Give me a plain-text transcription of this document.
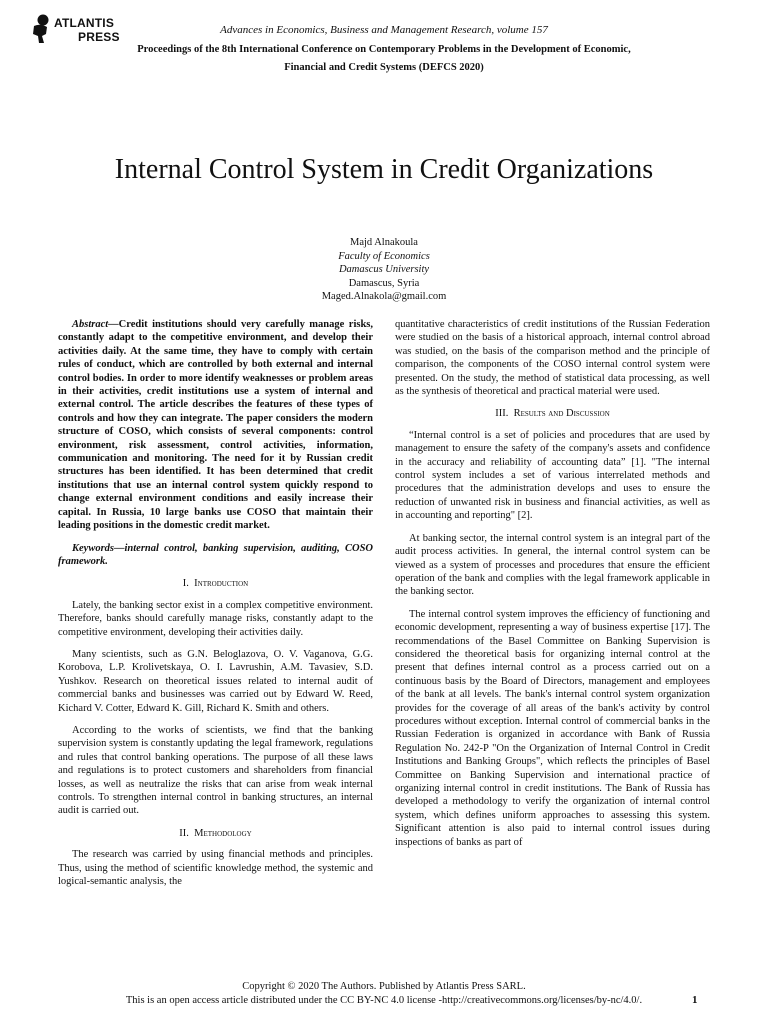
ATLANTIS
PRESS	Advances in Economics, Business and Management Research, volume 157
Proceedings of the 8th International Conference on Contemporary Problems in the Development of Economic,
Financial and Credit Systems (DEFCS 2020)
Internal Control System in Credit Organizations
Majd Alnakoula
Faculty of Economics
Damascus University
Damascus, Syria
Maged.Alnakola@gmail.com

Abstract—Credit institutions should very carefully manage risks, constantly adapt to the competitive environment, and develop their activities daily. At the same time, they have to comply with certain rules of conduct, which are controlled by both external and internal control bodies. In order to more identify weaknesses or problem areas in their activities, credit institutions use a system of internal and external control. The article describes the features of these types of controls and how they can integrate. The paper considers the modern structure of COSO, which consists of several components: control environment, risk assessment, control activities, information, communication and monitoring. The need for it by Russian credit structures has been identified. It has been determined that credit institutions that use an internal control system quickly respond to change external environment conditions and easily increase their capital. In Russia, 10 large banks use COSO that maintain their leading positions in the domestic credit market.

Keywords—internal control, banking supervision, auditing, COSO framework.

I. Introduction

Lately, the banking sector exist in a complex competitive environment. Therefore, banks should carefully manage risks, constantly adapt to the competitive environment, developing their activities daily.

Many scientists, such as G.N. Beloglazova, O. V. Vaganova, G.G. Korobova, L.P. Krolivetskaya, O. I. Lavrushin, A.M. Tavasiev, S.D. Yushkov. Research on theoretical issues related to internal audit of commercial banks and businesses was carried out by Edward W. Reed, Kichard V. Cotter, Edward K. Gill, Richard K. Smith and others.

According to the works of scientists, we find that the banking supervision system is constantly updating the legal framework, regulations and rules that control banking operations. The purpose of all these laws and regulations is to protect customers and shareholders from financial losses, as well as neutralize the risks that can arise from weak internal controls. To strengthen internal control in banking structures, an internal audit is carried out.

II. Methodology

The research was carried by using financial methods and principles. Thus, using the method of scientific knowledge method, the systemic and logical-semantic analysis, the

quantitative characteristics of credit institutions of the Russian Federation were studied on the basis of a historical approach, internal control abroad was studied, on the basis of the comparison method and the principle of comparison, the components of the COSO internal control system were presented. On the study, the method of statistical data processing, as well as the synthesis of theoretical and practical material were used.

III. Results and Discussion

“Internal control is a set of policies and procedures that are used by management to ensure the safety of the company's assets and confidence in the accuracy and reliability of accounting data” [1]. "The internal control system includes a set of various interrelated methods and procedures that the administration develops and uses to ensure the reduction of unwanted risk in business and financial activities, as well as in accounting and reporting" [2].

At banking sector, the internal control system is an integral part of the audit process activities. In general, the internal control system can be viewed as a system of processes and procedures that ensure the efficient operation of the bank and complies with the legal framework applicable in the banking sector.

The internal control system improves the efficiency of functioning and economic development, representing a way of business expertise [17]. The recommendations of the Basel Committee on Banking Supervision is considered the theoretical basis for organizing internal control at the present that defines internal control as a process carried out on a continuous basis by the Board of Directors, management and employees of the bank at all levels. The bank's internal control system organization provides for the coverage of all areas of the bank's activity by control procedures without exception. Internal control of commercial banks in the Russian Federation is organized in accordance with Bank of Russia Regulation No. 242-P "On the Organization of Internal Control in Credit Institutions and Banking Groups", which reflects the principles of Basel Committee on Banking Supervision and international practice of organizing internal control in credit institutions. The Bank of Russia has developed a methodology to verify the organization of internal control system, which defines uniform approaches to assessing this system. Significant attention is also paid to internal control issues during inspections of banks as part of

Copyright © 2020 The Authors. Published by Atlantis Press SARL.
This is an open access article distributed under the CC BY-NC 4.0 license -http://creativecommons.org/licenses/by-nc/4.0/.	1
